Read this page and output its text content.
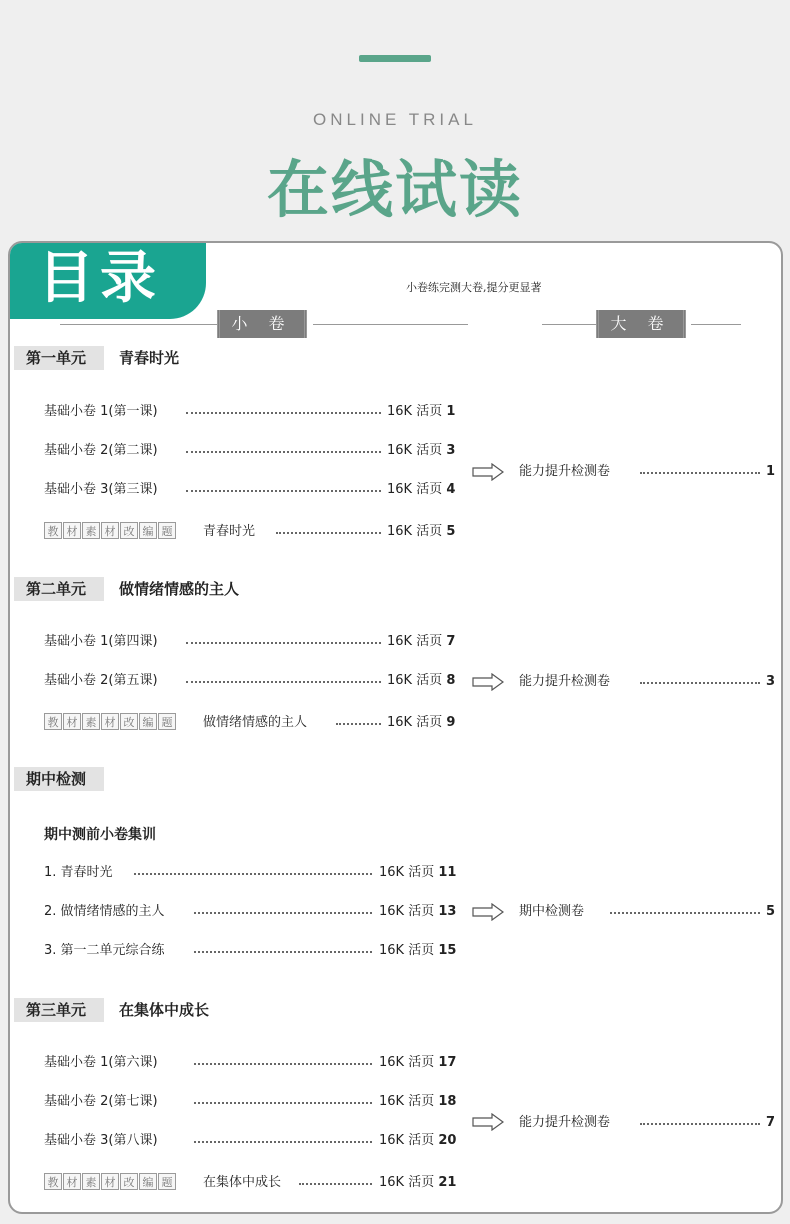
ONLINE TRIAL
在线试读
目录	小卷练完测大卷,提分更显著
小 卷	大 卷
第一单元	青春时光
基础小卷 1(第一课)	16K 活页 1
基础小卷 2(第二课)	16K 活页 3
基础小卷 3(第三课)	16K 活页 4
教 材 素 材 改 编 题	青春时光	16K 活页 5
能力提升检测卷	1
第二单元	做情绪情感的主人
基础小卷 1(第四课)	16K 活页 7
基础小卷 2(第五课)	16K 活页 8
教 材 素 材 改 编 题	做情绪情感的主人	16K 活页 9
能力提升检测卷	3
期中检测
期中测前小卷集训
1. 青春时光	16K 活页 11
2. 做情绪情感的主人	16K 活页 13
3. 第一二单元综合练	16K 活页 15
期中检测卷	5
第三单元	在集体中成长
基础小卷 1(第六课)	16K 活页 17
基础小卷 2(第七课)	16K 活页 18
基础小卷 3(第八课)	16K 活页 20
教 材 素 材 改 编 题	在集体中成长	16K 活页 21
能力提升检测卷	7
